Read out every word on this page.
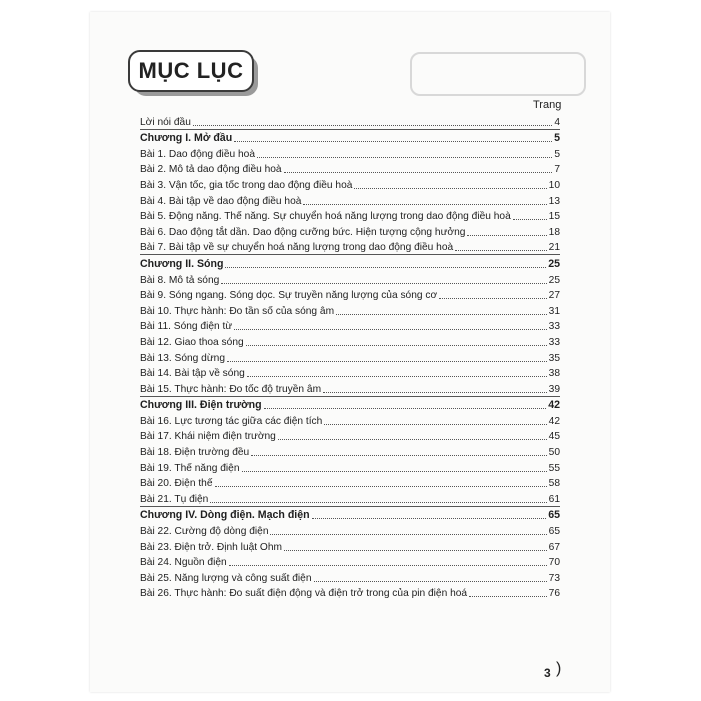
MỤC LỤC
Trang
Lời nói đầu	4
Chương I. Mở đầu	5
Bài 1. Dao động điều hoà	5
Bài 2. Mô tả dao động điều hoà	7
Bài 3. Vận tốc, gia tốc trong dao động điều hoà	10
Bài 4. Bài tập về dao động điều hoà	13
Bài 5. Động năng. Thế năng. Sự chuyển hoá năng lượng trong dao động điều hoà	15
Bài 6. Dao động tắt dần. Dao động cưỡng bức. Hiện tượng cộng hưởng	18
Bài 7. Bài tập về sự chuyển hoá năng lượng trong dao động điều hoà	21
Chương II. Sóng	25
Bài 8. Mô tả sóng	25
Bài 9. Sóng ngang. Sóng dọc. Sự truyền năng lượng của sóng cơ	27
Bài 10. Thực hành: Đo tần số của sóng âm	31
Bài 11. Sóng điện từ	33
Bài 12. Giao thoa sóng	33
Bài 13. Sóng dừng	35
Bài 14. Bài tập về sóng	38
Bài 15. Thực hành: Đo tốc độ truyền âm	39
Chương III. Điện trường	42
Bài 16. Lực tương tác giữa các điện tích	42
Bài 17. Khái niệm điện trường	45
Bài 18. Điện trường đều	50
Bài 19. Thế năng điện	55
Bài 20. Điện thế	58
Bài 21. Tụ điện	61
Chương IV. Dòng điện. Mạch điện	65
Bài 22. Cường độ dòng điện	65
Bài 23. Điện trở. Định luật Ohm	67
Bài 24. Nguồn điện	70
Bài 25. Năng lượng và công suất điện	73
Bài 26. Thực hành: Đo suất điện động và điện trở trong của pin điện hoá	76
3 )
